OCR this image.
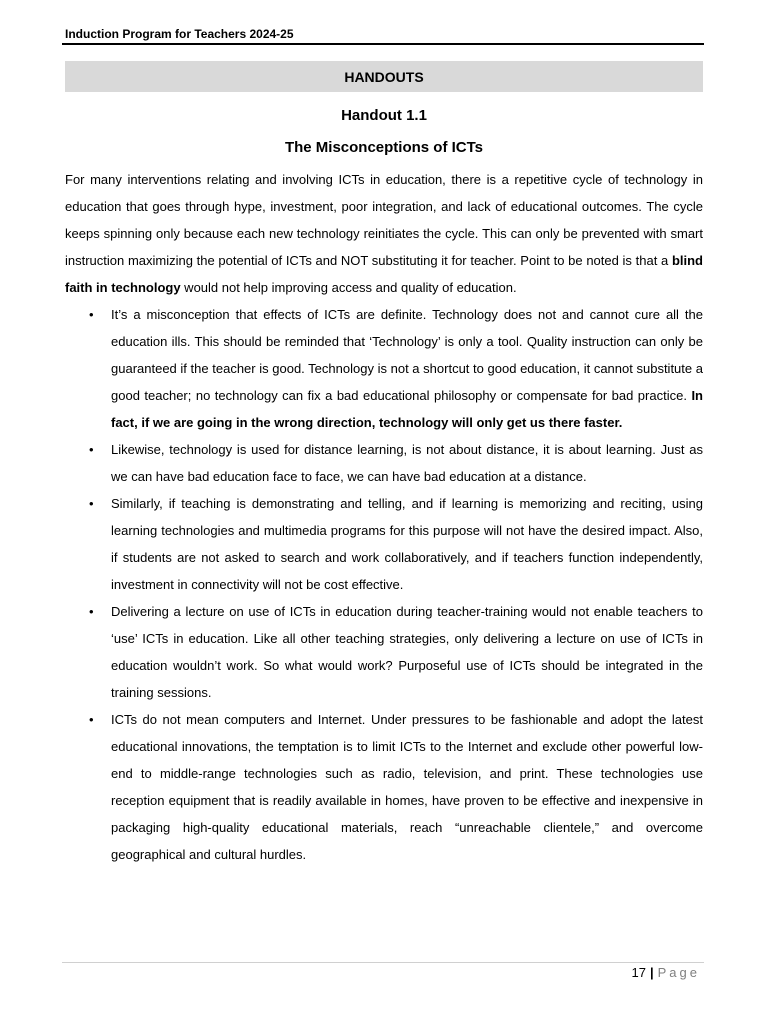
Induction Program for Teachers 2024-25
HANDOUTS
Handout 1.1
The Misconceptions of ICTs

For many interventions relating and involving ICTs in education, there is a repetitive cycle of technology in education that goes through hype, investment, poor integration, and lack of educational outcomes. The cycle keeps spinning only because each new technology reinitiates the cycle. This can only be prevented with smart instruction maximizing the potential of ICTs and NOT substituting it for teacher. Point to be noted is that a blind faith in technology would not help improving access and quality of education.

• It’s a misconception that effects of ICTs are definite. Technology does not and cannot cure all the education ills. This should be reminded that ‘Technology’ is only a tool. Quality instruction can only be guaranteed if the teacher is good. Technology is not a shortcut to good education, it cannot substitute a good teacher; no technology can fix a bad educational philosophy or compensate for bad practice. In fact, if we are going in the wrong direction, technology will only get us there faster.
• Likewise, technology is used for distance learning, is not about distance, it is about learning. Just as we can have bad education face to face, we can have bad education at a distance.
• Similarly, if teaching is demonstrating and telling, and if learning is memorizing and reciting, using learning technologies and multimedia programs for this purpose will not have the desired impact. Also, if students are not asked to search and work collaboratively, and if teachers function independently, investment in connectivity will not be cost effective.
• Delivering a lecture on use of ICTs in education during teacher-training would not enable teachers to ‘use’ ICTs in education. Like all other teaching strategies, only delivering a lecture on use of ICTs in education wouldn’t work. So what would work? Purposeful use of ICTs should be integrated in the training sessions.
• ICTs do not mean computers and Internet. Under pressures to be fashionable and adopt the latest educational innovations, the temptation is to limit ICTs to the Internet and exclude other powerful low-end to middle-range technologies such as radio, television, and print. These technologies use reception equipment that is readily available in homes, have proven to be effective and inexpensive in packaging high-quality educational materials, reach “unreachable clientele,” and overcome geographical and cultural hurdles.
17 | Page
